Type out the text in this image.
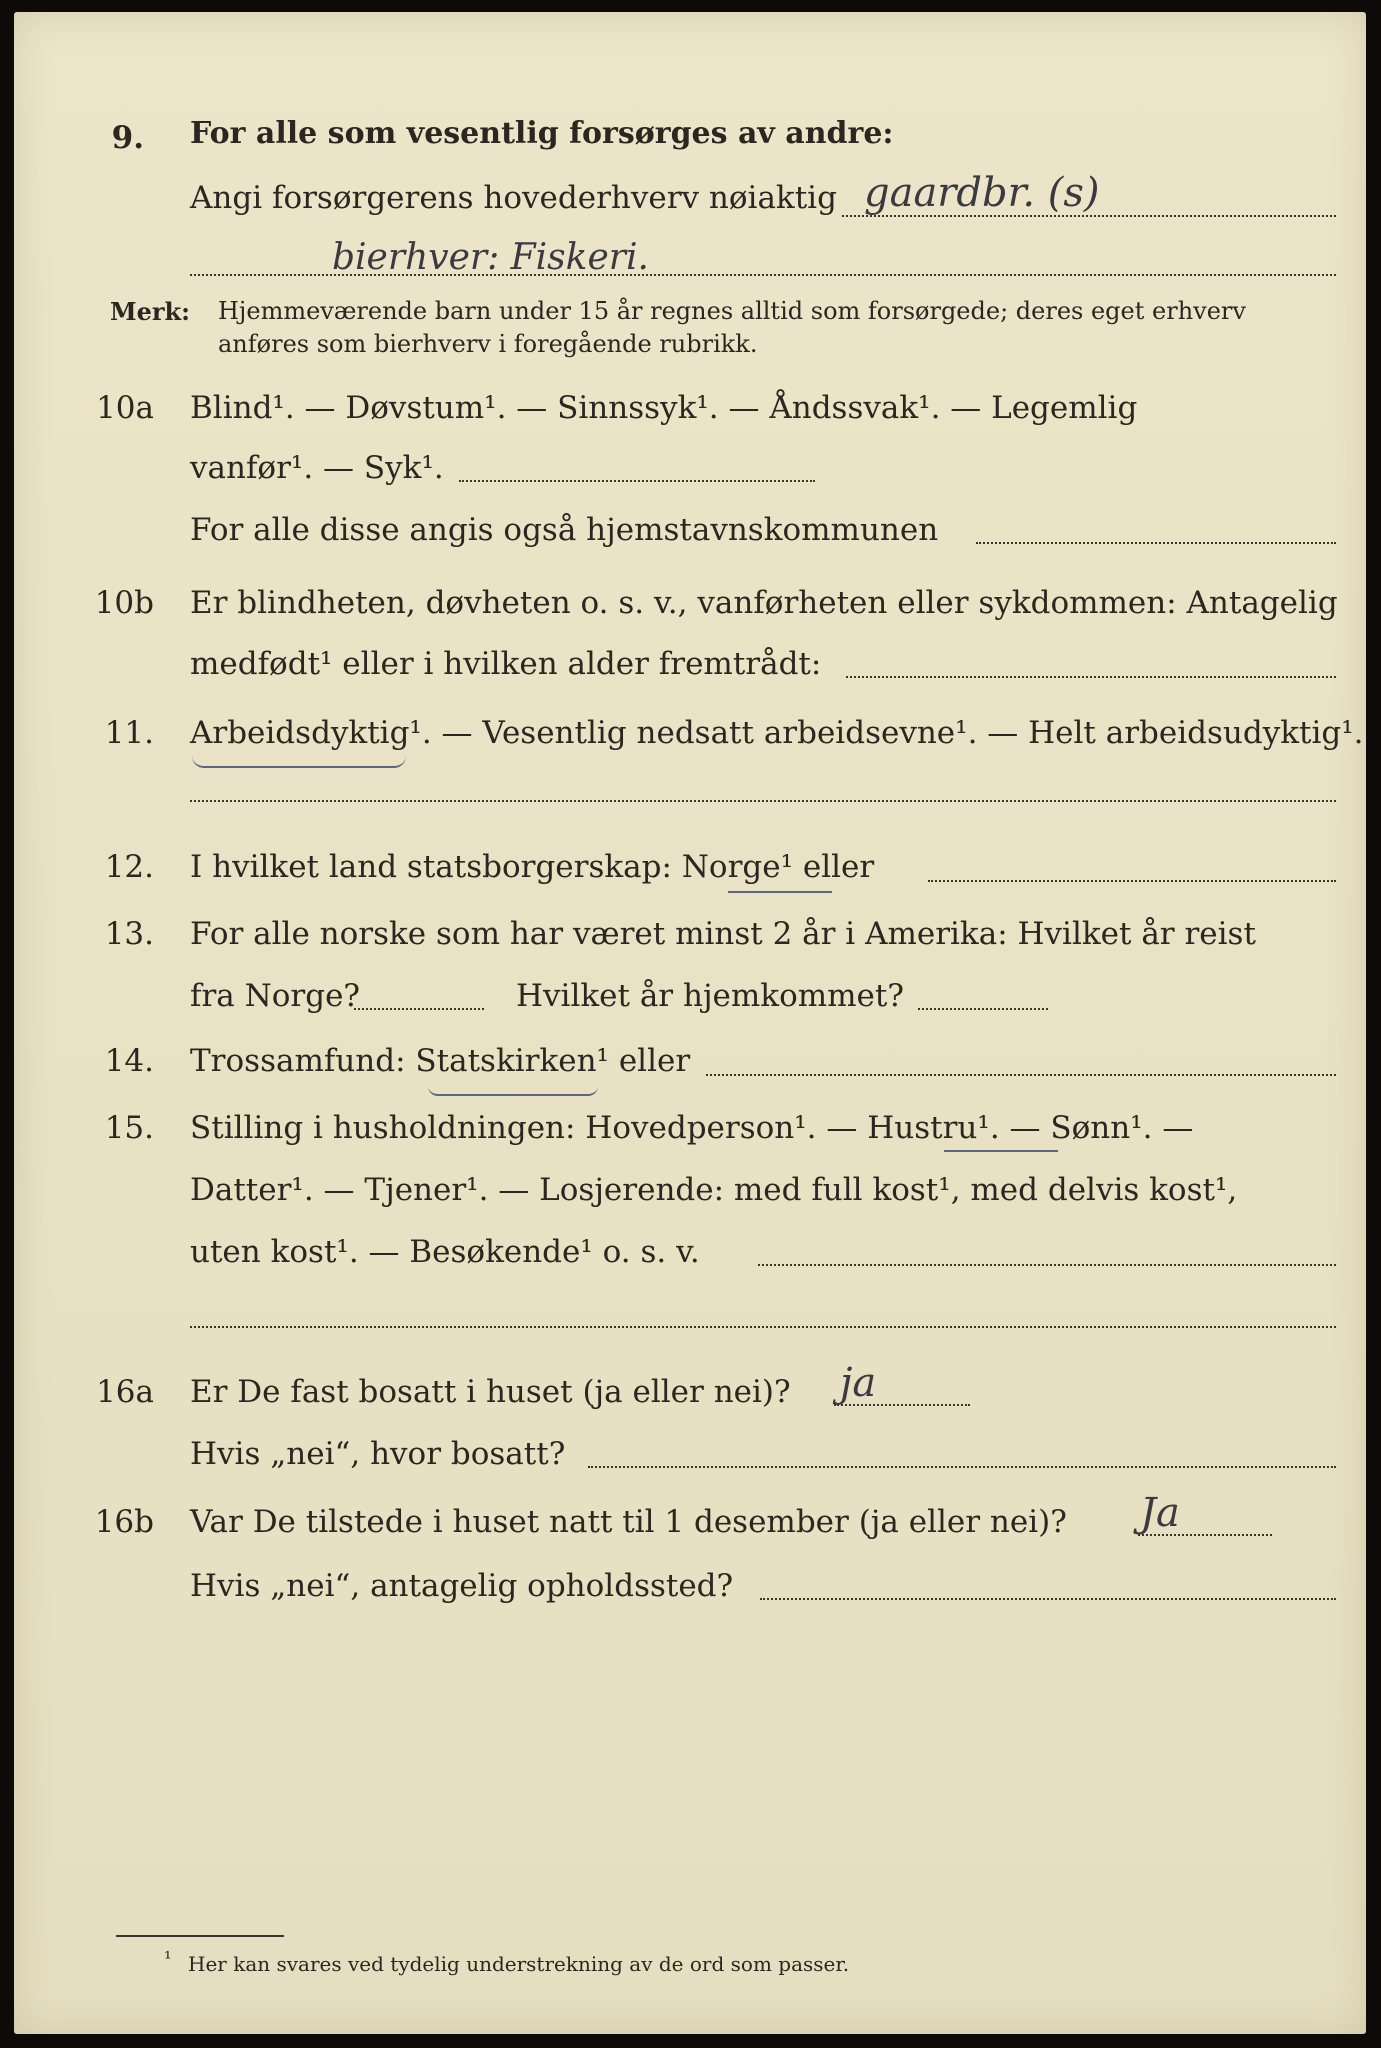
9. For alle som vesentlig forsørges av andre:
Angi forsørgerens hovederhverv nøiaktig gaardbr. (s)
bierhver: Fiskeri.
Merk: Hjemmeværende barn under 15 år regnes alltid som forsørgede; deres eget erhverv
anføres som bierhverv i foregående rubrikk.
10a Blind¹. — Døvstum¹. — Sinnssyk¹. — Åndssvak¹. — Legemlig
vanfør¹. — Syk¹.
For alle disse angis også hjemstavnskommunen
10b Er blindheten, døvheten o. s. v., vanførheten eller sykdommen: Antagelig
medfødt¹ eller i hvilken alder fremtrådt:
11. Arbeidsdyktig¹. — Vesentlig nedsatt arbeidsevne¹. — Helt arbeidsudyktig¹.
12. I hvilket land statsborgerskap: Norge¹ eller
13. For alle norske som har været minst 2 år i Amerika: Hvilket år reist
fra Norge?	Hvilket år hjemkommet?
14. Trossamfund: Statskirken¹ eller
15. Stilling i husholdningen: Hovedperson¹. — Hustru¹. — Sønn¹. —
Datter¹. — Tjener¹. — Losjerende: med full kost¹, med delvis kost¹,
uten kost¹. — Besøkende¹ o. s. v.
16a Er De fast bosatt i huset (ja eller nei)? ja
Hvis „nei“, hvor bosatt?
16b Var De tilstede i huset natt til 1 desember (ja eller nei)? Ja
Hvis „nei“, antagelig opholdssted?
¹ Her kan svares ved tydelig understrekning av de ord som passer.
